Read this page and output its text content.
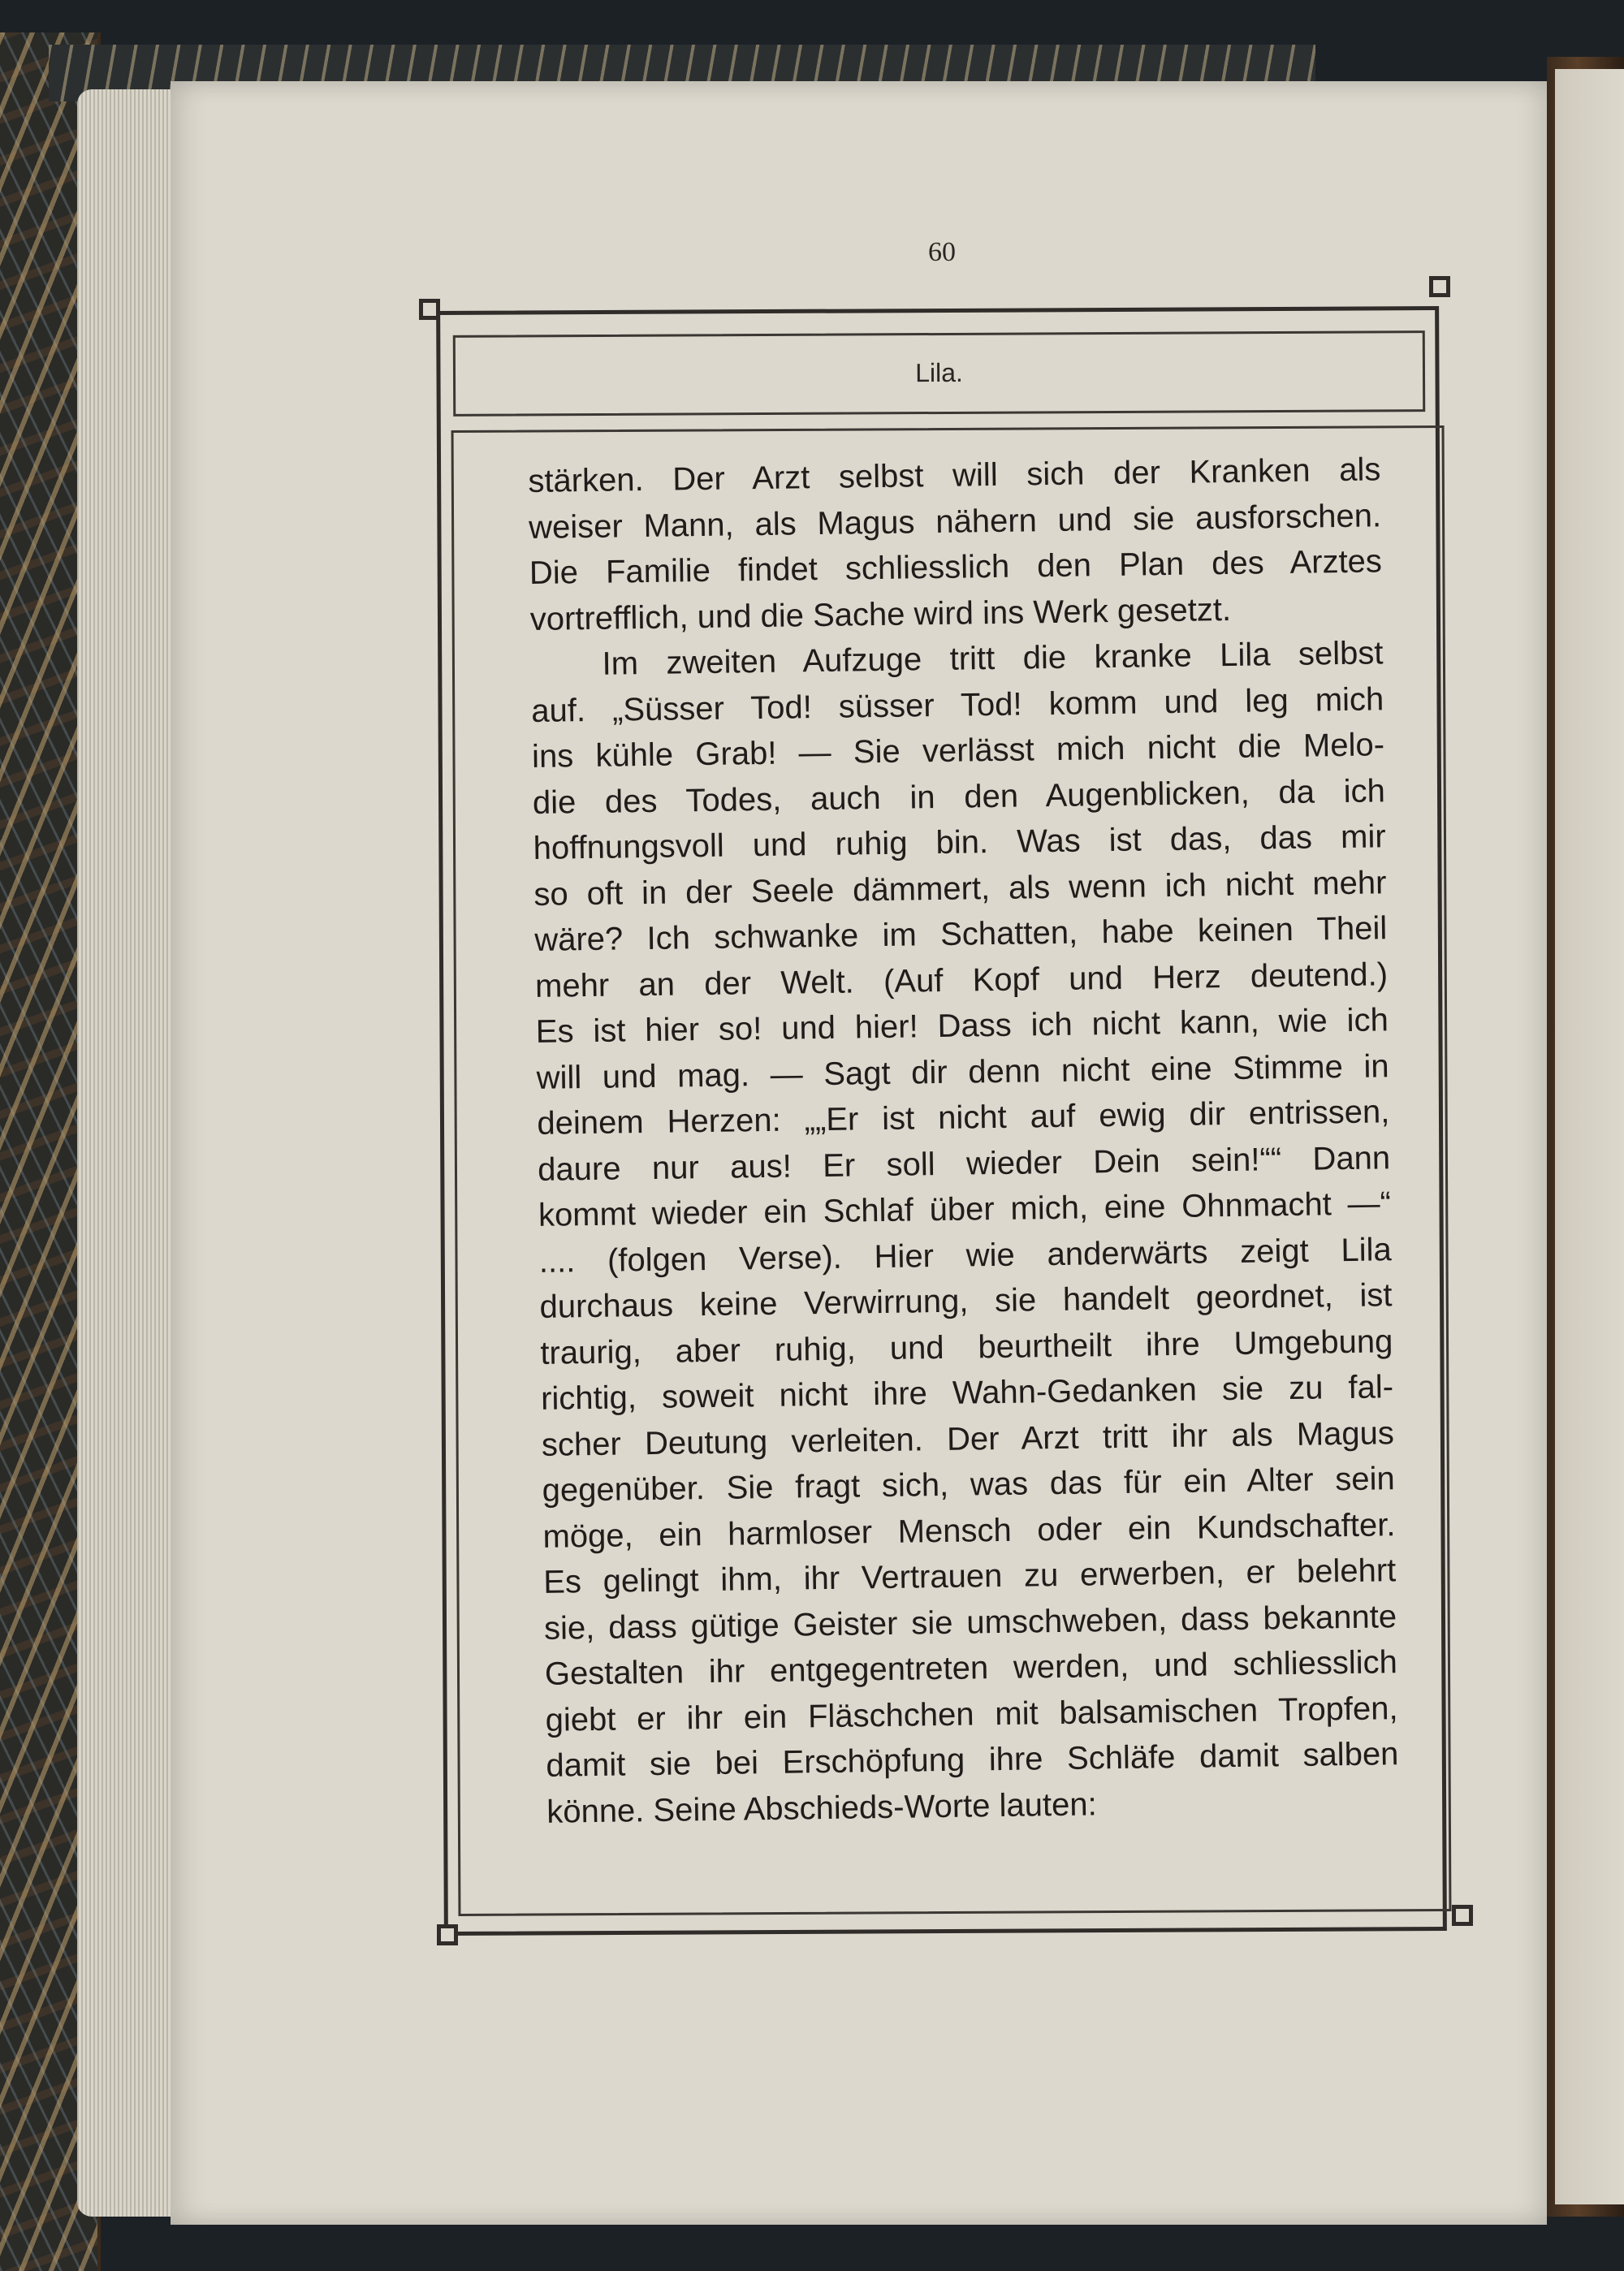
60
Lila.
stärken. Der Arzt selbst will sich der Kranken als
weiser Mann, als Magus nähern und sie ausforschen.
Die Familie findet schliesslich den Plan des Arztes
vortrefflich, und die Sache wird ins Werk gesetzt.
Im zweiten Aufzuge tritt die kranke Lila selbst
auf. „Süsser Tod! süsser Tod! komm und leg mich
ins kühle Grab! — Sie verlässt mich nicht die Melo-
die des Todes, auch in den Augenblicken, da ich
hoffnungsvoll und ruhig bin. Was ist das, das mir
so oft in der Seele dämmert, als wenn ich nicht mehr
wäre? Ich schwanke im Schatten, habe keinen Theil
mehr an der Welt. (Auf Kopf und Herz deutend.)
Es ist hier so! und hier! Dass ich nicht kann, wie ich
will und mag. — Sagt dir denn nicht eine Stimme in
deinem Herzen: „„Er ist nicht auf ewig dir entrissen,
daure nur aus! Er soll wieder Dein sein!““ Dann
kommt wieder ein Schlaf über mich, eine Ohnmacht —“
.... (folgen Verse). Hier wie anderwärts zeigt Lila
durchaus keine Verwirrung, sie handelt geordnet, ist
traurig, aber ruhig, und beurtheilt ihre Umgebung
richtig, soweit nicht ihre Wahn-Gedanken sie zu fal-
scher Deutung verleiten. Der Arzt tritt ihr als Magus
gegenüber. Sie fragt sich, was das für ein Alter sein
möge, ein harmloser Mensch oder ein Kundschafter.
Es gelingt ihm, ihr Vertrauen zu erwerben, er belehrt
sie, dass gütige Geister sie umschweben, dass bekannte
Gestalten ihr entgegentreten werden, und schliesslich
giebt er ihr ein Fläschchen mit balsamischen Tropfen,
damit sie bei Erschöpfung ihre Schläfe damit salben
könne. Seine Abschieds-Worte lauten:
